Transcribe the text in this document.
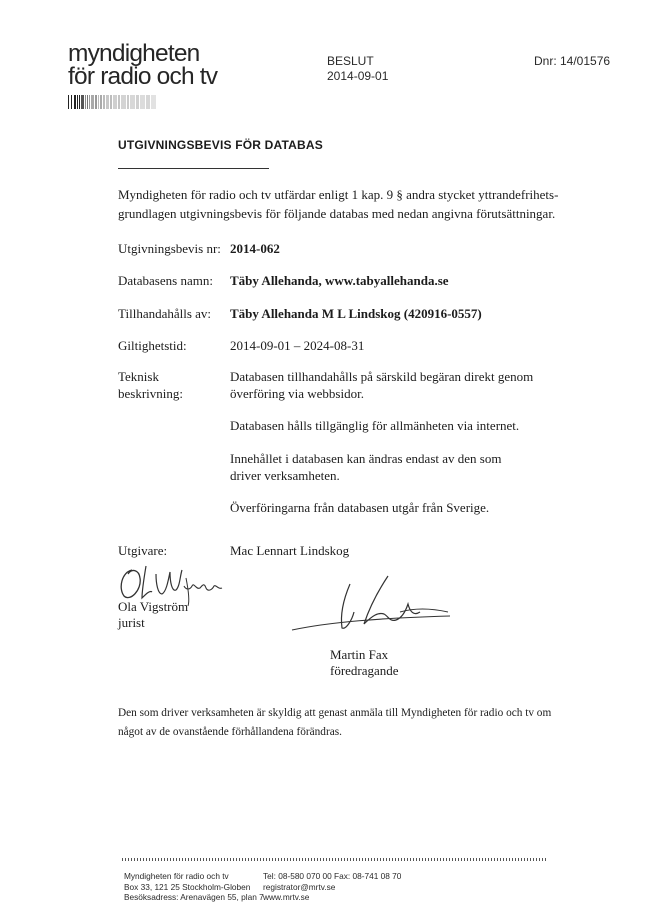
myndigheten
för radio och tv
BESLUT
2014-09-01
Dnr: 14/01576
UTGIVNINGSBEVIS FÖR DATABAS
Myndigheten för radio och tv utfärdar enligt 1 kap. 9 § andra stycket yttrandefrihets-
grundlagen utgivningsbevis för följande databas med nedan angivna förutsättningar.
Utgivningsbevis nr: 2014-062
Databasens namn: Täby Allehanda, www.tabyallehanda.se
Tillhandahålls av: Täby Allehanda M L Lindskog (420916-0557)
Giltighetstid:	2014-09-01 – 2024-08-31
Teknisk
beskrivning:
Databasen tillhandahålls på särskild begäran direkt genom
överföring via webbsidor.
Databasen hålls tillgänglig för allmänheten via internet.
Innehållet i databasen kan ändras endast av den som
driver verksamheten.
Överföringarna från databasen utgår från Sverige.
Utgivare:	Mac Lennart Lindskog
Ola Vigström
jurist
Martin Fax
föredragande
Den som driver verksamheten är skyldig att genast anmäla till Myndigheten för radio och tv om
något av de ovanstående förhållandena förändras.
Myndigheten för radio och tv
Box 33, 121 25 Stockholm-Globen
Besöksadress: Arenavägen 55, plan 7
Tel: 08-580 070 00 Fax: 08-741 08 70
registrator@mrtv.se
www.mrtv.se
